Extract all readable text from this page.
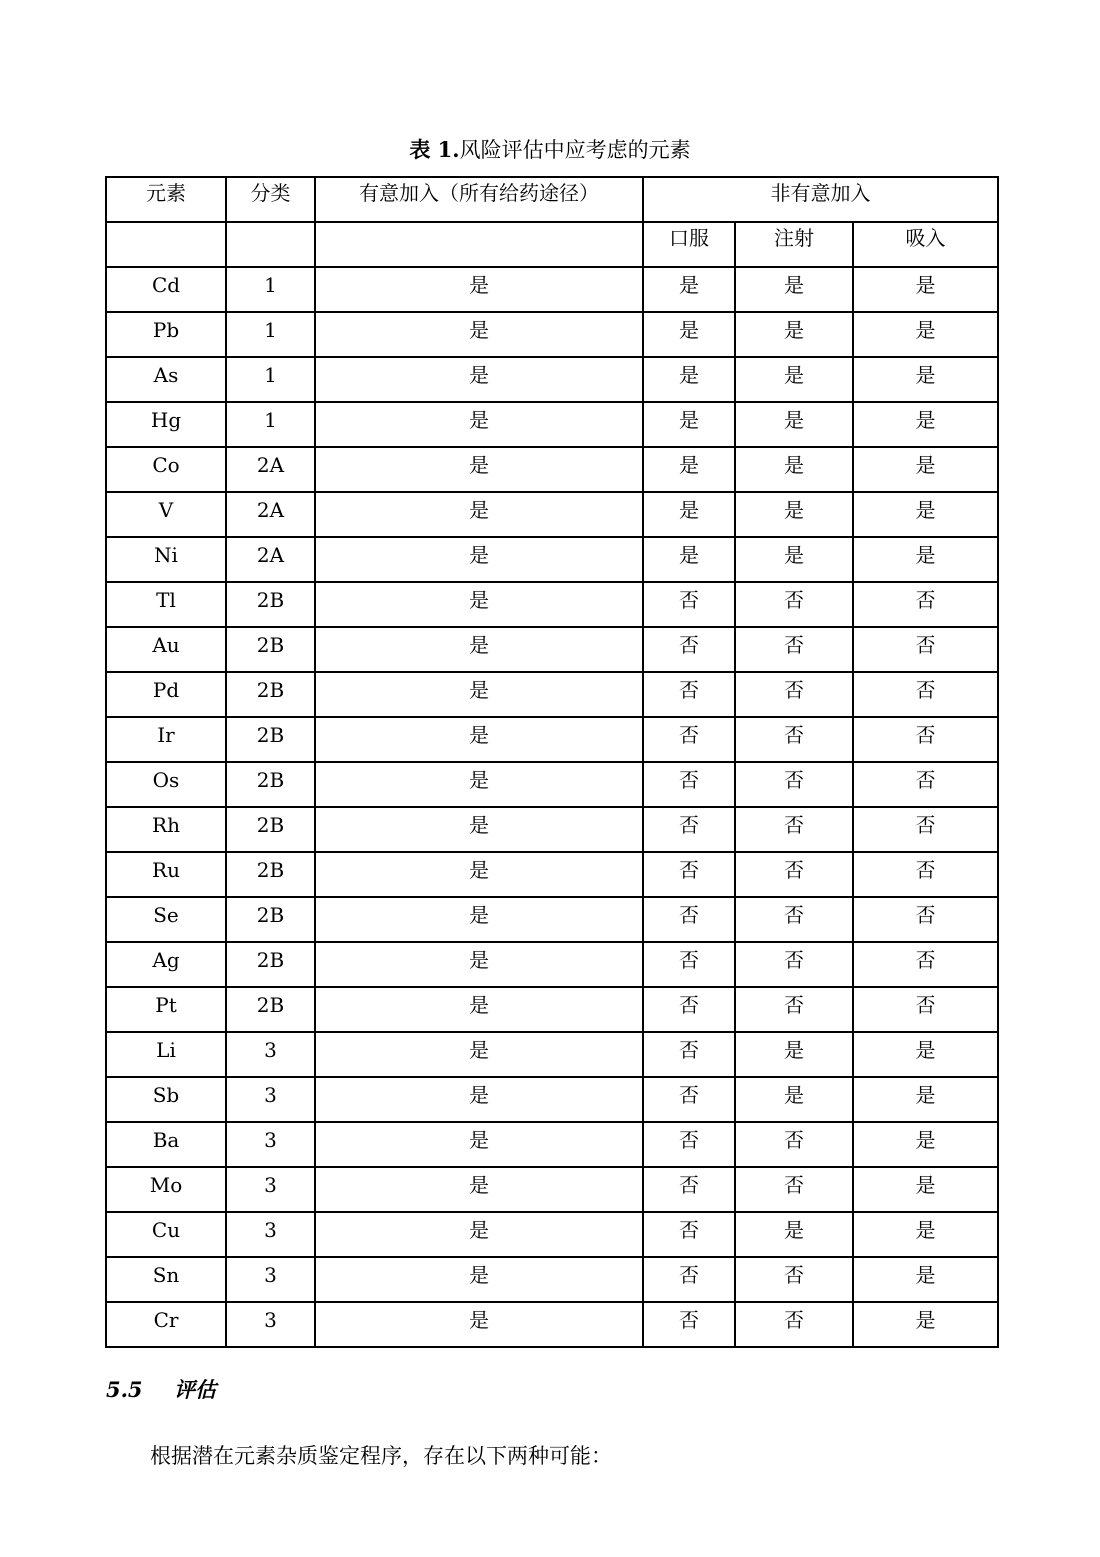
表 1.风险评估中应考虑的元素
元素	分类	有意加入（所有给药途径）	非有意加入		
			口服	注射	吸入
Cd	1	是	是	是	是
Pb	1	是	是	是	是
As	1	是	是	是	是
Hg	1	是	是	是	是
Co	2A	是	是	是	是
V	2A	是	是	是	是
Ni	2A	是	是	是	是
Tl	2B	是	否	否	否
Au	2B	是	否	否	否
Pd	2B	是	否	否	否
Ir	2B	是	否	否	否
Os	2B	是	否	否	否
Rh	2B	是	否	否	否
Ru	2B	是	否	否	否
Se	2B	是	否	否	否
Ag	2B	是	否	否	否
Pt	2B	是	否	否	否
Li	3	是	否	是	是
Sb	3	是	否	是	是
Ba	3	是	否	否	是
Mo	3	是	否	否	是
Cu	3	是	否	是	是
Sn	3	是	否	否	是
Cr	3	是	否	否	是
5.5 评估
根据潜在元素杂质鉴定程序，存在以下两种可能：
